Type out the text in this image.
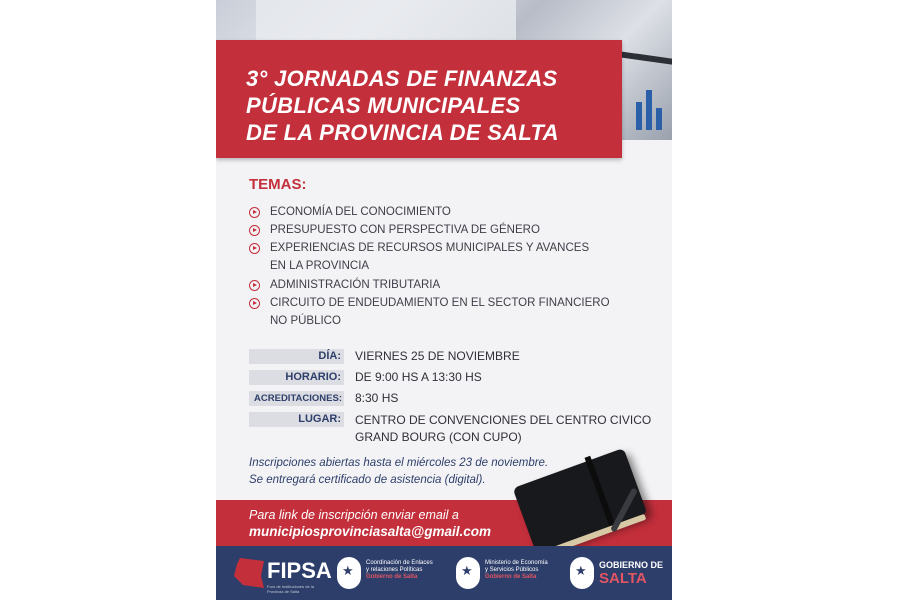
3° JORNADAS DE FINANZAS
PÚBLICAS MUNICIPALES
DE LA PROVINCIA DE SALTA
TEMAS:
ECONOMÍA DEL CONOCIMIENTO
PRESUPUESTO CON PERSPECTIVA DE GÉNERO
EXPERIENCIAS DE RECURSOS MUNICIPALES Y AVANCES
EN LA PROVINCIA
ADMINISTRACIÓN TRIBUTARIA
CIRCUITO DE ENDEUDAMIENTO EN EL SECTOR FINANCIERO
NO PÚBLICO
DÍA: VIERNES 25 DE NOVIEMBRE
HORARIO: DE 9:00 HS A 13:30 HS
ACREDITACIONES: 8:30 HS
LUGAR: CENTRO DE CONVENCIONES DEL CENTRO CIVICO
GRAND BOURG (CON CUPO)
Inscripciones abiertas hasta el miércoles 23 de noviembre.
Se entregará certificado de asistencia (digital).
Para link de inscripción enviar email a
municipiosprovinciasalta@gmail.com
FIPSA
Foro de Instituciones de la Provincia de Salta
★
Coordinación de Enlaces
y relaciones Políticas
Gobierno de Salta
★
Ministerio de Economía
y Servicios Públicos
Gobierno de Salta
★
GOBIERNO DE
SALTA
